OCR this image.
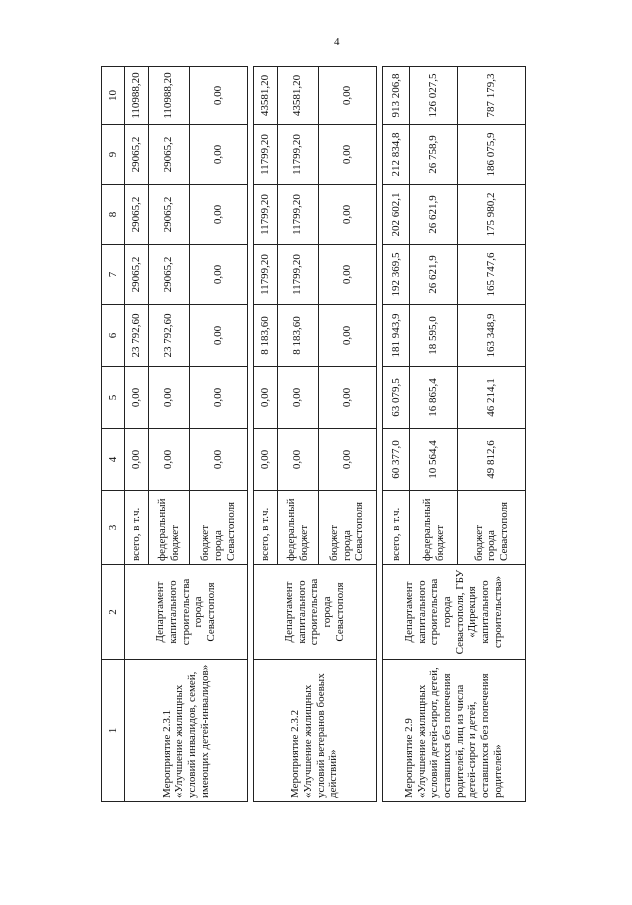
4
1	2	3	4	5	6	7	8	9	10
Мероприятие 2.3.1 «Улучшение жилищных условий инвалидов, семей, имеющих детей-инвалидов»	Департамент капитального строительства города Севастополя	всего, в т.ч.	0,00	0,00	23 792,60	29065,2	29065,2	29065,2	110988,20
		федеральный бюджет	0,00	0,00	23 792,60	29065,2	29065,2	29065,2	110988,20
		бюджет города Севастополя	0,00	0,00	0,00	0,00	0,00	0,00	0,00

Мероприятие 2.3.2 «Улучшение жилищных условий ветеранов боевых действий»	Департамент капитального строительства города Севастополя	всего, в т.ч.	0,00	0,00	8 183,60	11799,20	11799,20	11799,20	43581,20
		федеральный бюджет	0,00	0,00	8 183,60	11799,20	11799,20	11799,20	43581,20
		бюджет города Севастополя	0,00	0,00	0,00	0,00	0,00	0,00	0,00

Мероприятие 2.9 «Улучшение жилищных условий детей-сирот, детей, оставшихся без попечения родителей, лиц из числа детей-сирот и детей, оставшихся без попечения родителей»	Департамент капитального строительства города Севастополя, ГБУ «Дирекция капитального строительства»	всего, в т.ч.	60 377,0	63 079,5	181 943,9	192 369,5	202 602,1	212 834,8	913 206,8
		федеральный бюджет	10 564,4	16 865,4	18 595,0	26 621,9	26 621,9	26 758,9	126 027,5
		бюджет города Севастополя	49 812,6	46 214,1	163 348,9	165 747,6	175 980,2	186 075,9	787 179,3
